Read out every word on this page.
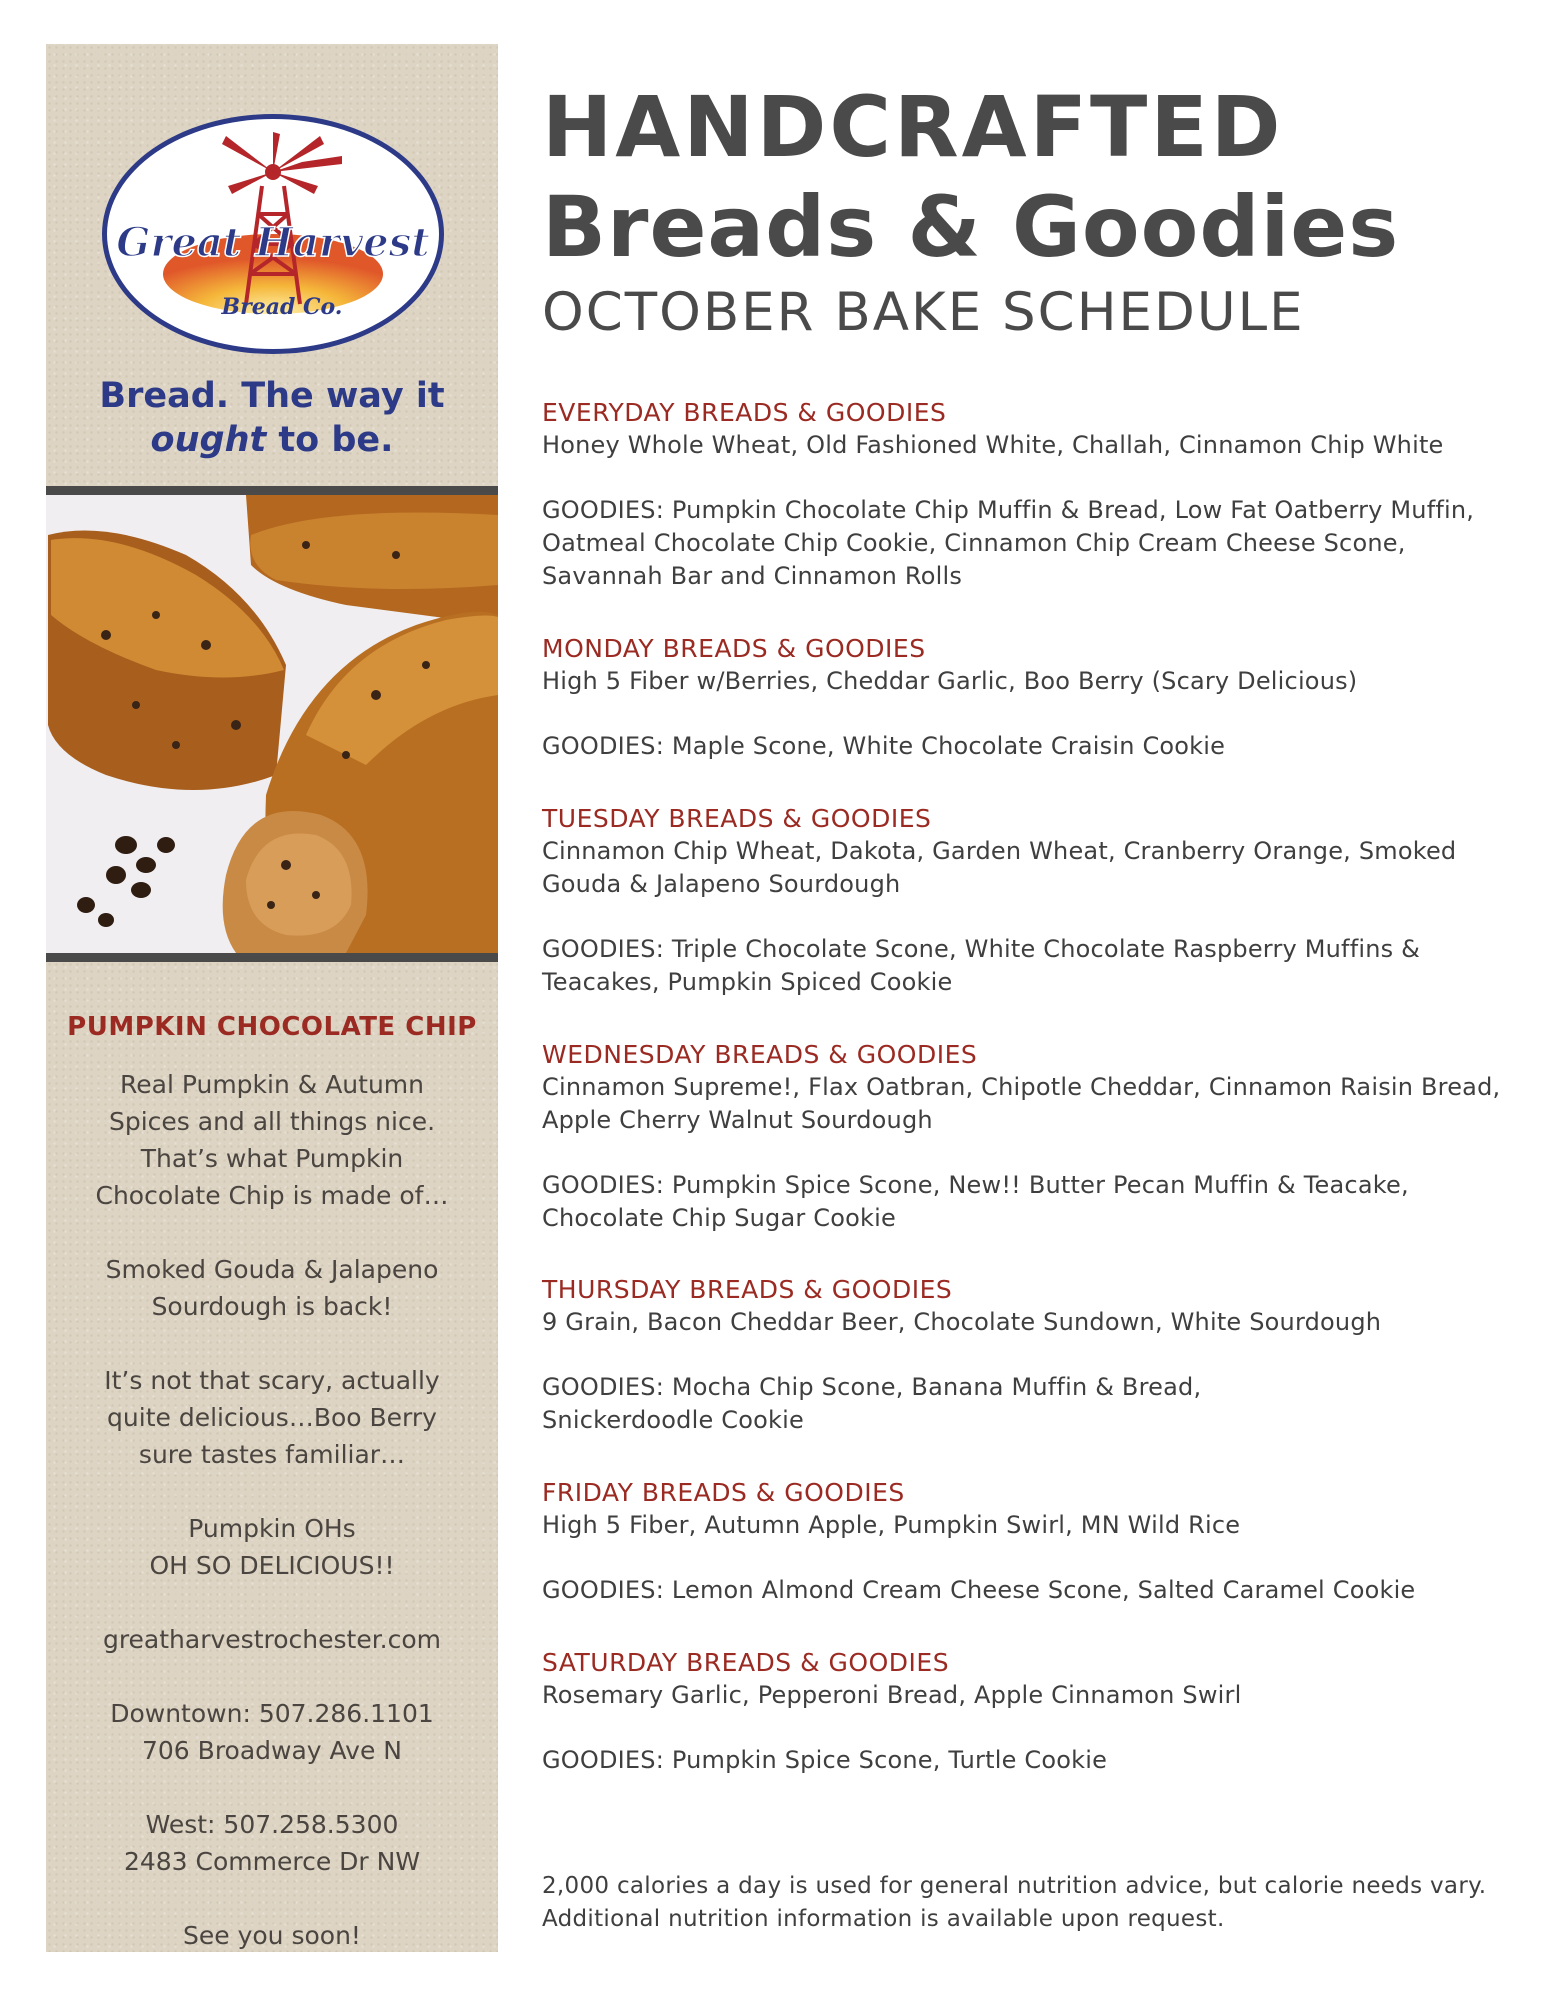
Great Harvest
Bread Co.
Bread. The way it
ought to be.
PUMPKIN CHOCOLATE CHIP

Real Pumpkin & Autumn
Spices and all things nice.
That’s what Pumpkin
Chocolate Chip is made of…

Smoked Gouda & Jalapeno
Sourdough is back!

It’s not that scary, actually
quite delicious…Boo Berry
sure tastes familiar…

Pumpkin OHs
OH SO DELICIOUS!!

greatharvestrochester.com

Downtown: 507.286.1101
706 Broadway Ave N

West: 507.258.5300
2483 Commerce Dr NW

See you soon!

HANDCRAFTED
Breads & Goodies
OCTOBER BAKE SCHEDULE
EVERYDAY BREADS & GOODIES
Honey Whole Wheat, Old Fashioned White, Challah, Cinnamon Chip White
GOODIES: Pumpkin Chocolate Chip Muffin & Bread, Low Fat Oatberry Muffin, Oatmeal Chocolate Chip Cookie, Cinnamon Chip Cream Cheese Scone, Savannah Bar and Cinnamon Rolls
MONDAY BREADS & GOODIES
High 5 Fiber w/Berries, Cheddar Garlic, Boo Berry (Scary Delicious)
GOODIES: Maple Scone, White Chocolate Craisin Cookie
TUESDAY BREADS & GOODIES
Cinnamon Chip Wheat, Dakota, Garden Wheat, Cranberry Orange, Smoked Gouda & Jalapeno Sourdough
GOODIES: Triple Chocolate Scone, White Chocolate Raspberry Muffins & Teacakes, Pumpkin Spiced Cookie
WEDNESDAY BREADS & GOODIES
Cinnamon Supreme!, Flax Oatbran, Chipotle Cheddar, Cinnamon Raisin Bread, Apple Cherry Walnut Sourdough
GOODIES: Pumpkin Spice Scone, New!! Butter Pecan Muffin & Teacake, Chocolate Chip Sugar Cookie
THURSDAY BREADS & GOODIES
9 Grain, Bacon Cheddar Beer, Chocolate Sundown, White Sourdough
GOODIES: Mocha Chip Scone, Banana Muffin & Bread, Snickerdoodle Cookie
FRIDAY BREADS & GOODIES
High 5 Fiber, Autumn Apple, Pumpkin Swirl, MN Wild Rice
GOODIES: Lemon Almond Cream Cheese Scone, Salted Caramel Cookie
SATURDAY BREADS & GOODIES
Rosemary Garlic, Pepperoni Bread, Apple Cinnamon Swirl
GOODIES: Pumpkin Spice Scone, Turtle Cookie
2,000 calories a day is used for general nutrition advice, but calorie needs vary. Additional nutrition information is available upon request.
